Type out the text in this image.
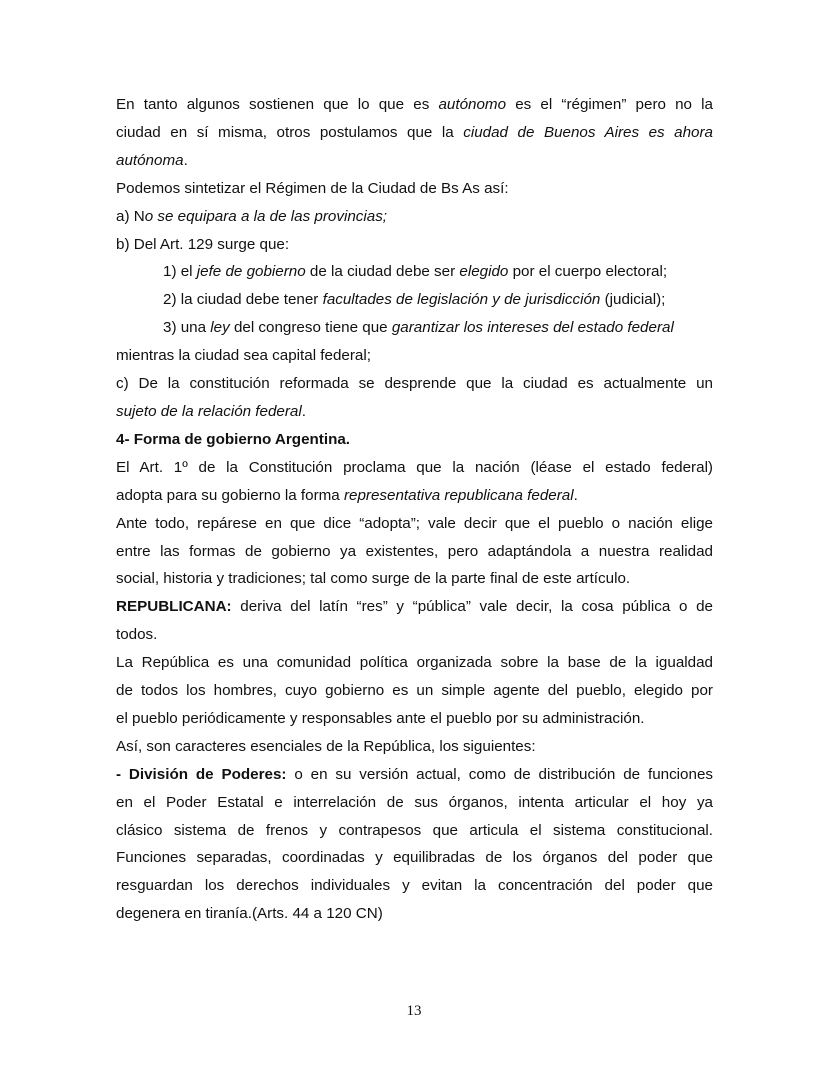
En tanto algunos sostienen que lo que es autónomo es el “régimen” pero no la

ciudad en sí misma, otros postulamos que la ciudad de Buenos Aires es ahora

autónoma.

Podemos sintetizar el Régimen de la Ciudad de Bs As así:

a) No se equipara a la de las provincias;

b) Del Art. 129 surge que:

1) el jefe de gobierno de la ciudad debe ser elegido por el cuerpo electoral;

2) la ciudad debe tener facultades de legislación y de jurisdicción (judicial);

3) una ley del congreso tiene que garantizar los intereses del estado federal

mientras la ciudad sea capital federal;

c) De la constitución reformada se desprende que la ciudad es actualmente un

sujeto de la relación federal.

4- Forma de gobierno Argentina.

El Art. 1º de la Constitución proclama que la nación (léase el estado federal)

adopta para su gobierno la forma representativa republicana federal.

Ante todo, repárese en que dice “adopta”; vale decir que el pueblo o nación elige

entre las formas de gobierno ya existentes, pero adaptándola a nuestra realidad

social, historia y tradiciones; tal como surge de la parte final de este artículo.

REPUBLICANA: deriva del latín “res” y “pública” vale decir, la cosa pública o de

todos.

La República es una comunidad política organizada sobre la base de la igualdad

de todos los hombres, cuyo gobierno es un simple agente del pueblo, elegido por

el pueblo periódicamente y responsables ante el pueblo por su administración.

Así, son caracteres esenciales de la República, los siguientes:

- División de Poderes: o en su versión actual, como de distribución de funciones

en el Poder Estatal e interrelación de sus órganos, intenta articular el hoy ya

clásico sistema de frenos y contrapesos que articula el sistema constitucional.

Funciones separadas, coordinadas y equilibradas de los órganos del poder que

resguardan los derechos individuales y evitan la concentración del poder que

degenera en tiranía.(Arts. 44 a 120 CN)

13
